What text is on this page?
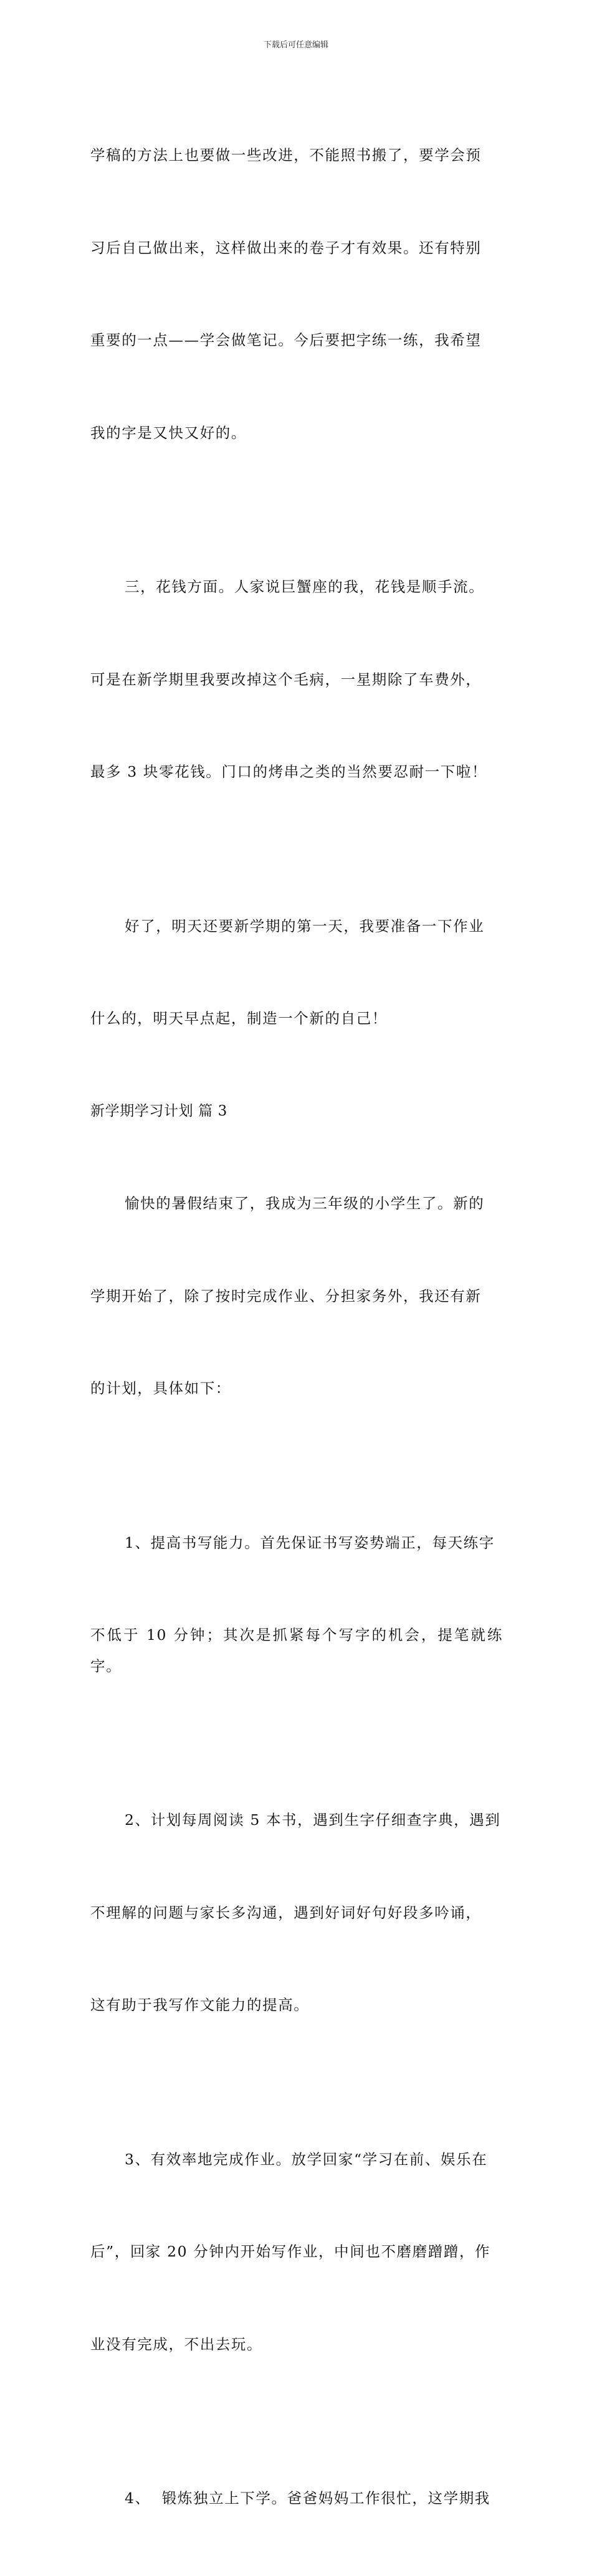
下载后可任意编辑

学稿的方法上也要做一些改进，不能照书搬了，要学会预

习后自己做出来，这样做出来的卷子才有效果。还有特别

重要的一点——学会做笔记。今后要把字练一练，我希望

我的字是又快又好的。

三，花钱方面。人家说巨蟹座的我，花钱是顺手流。

可是在新学期里我要改掉这个毛病，一星期除了车费外，

最多 3 块零花钱。门口的烤串之类的当然要忍耐一下啦！

好了，明天还要新学期的第一天，我要准备一下作业

什么的，明天早点起，制造一个新的自己！

新学期学习计划 篇 3

愉快的暑假结束了，我成为三年级的小学生了。新的

学期开始了，除了按时完成作业、分担家务外，我还有新

的计划，具体如下：

1、提高书写能力。首先保证书写姿势端正，每天练字

不低于 10 分钟；其次是抓紧每个写字的机会，提笔就练字。

2、计划每周阅读 5 本书，遇到生字仔细查字典，遇到

不理解的问题与家长多沟通，遇到好词好句好段多吟诵，

这有助于我写作文能力的提高。

3、有效率地完成作业。放学回家“学习在前、娱乐在

后”，回家 20 分钟内开始写作业，中间也不磨磨蹭蹭，作

业没有完成，不出去玩。

4、  锻炼独立上下学。爸爸妈妈工作很忙，这学期我
